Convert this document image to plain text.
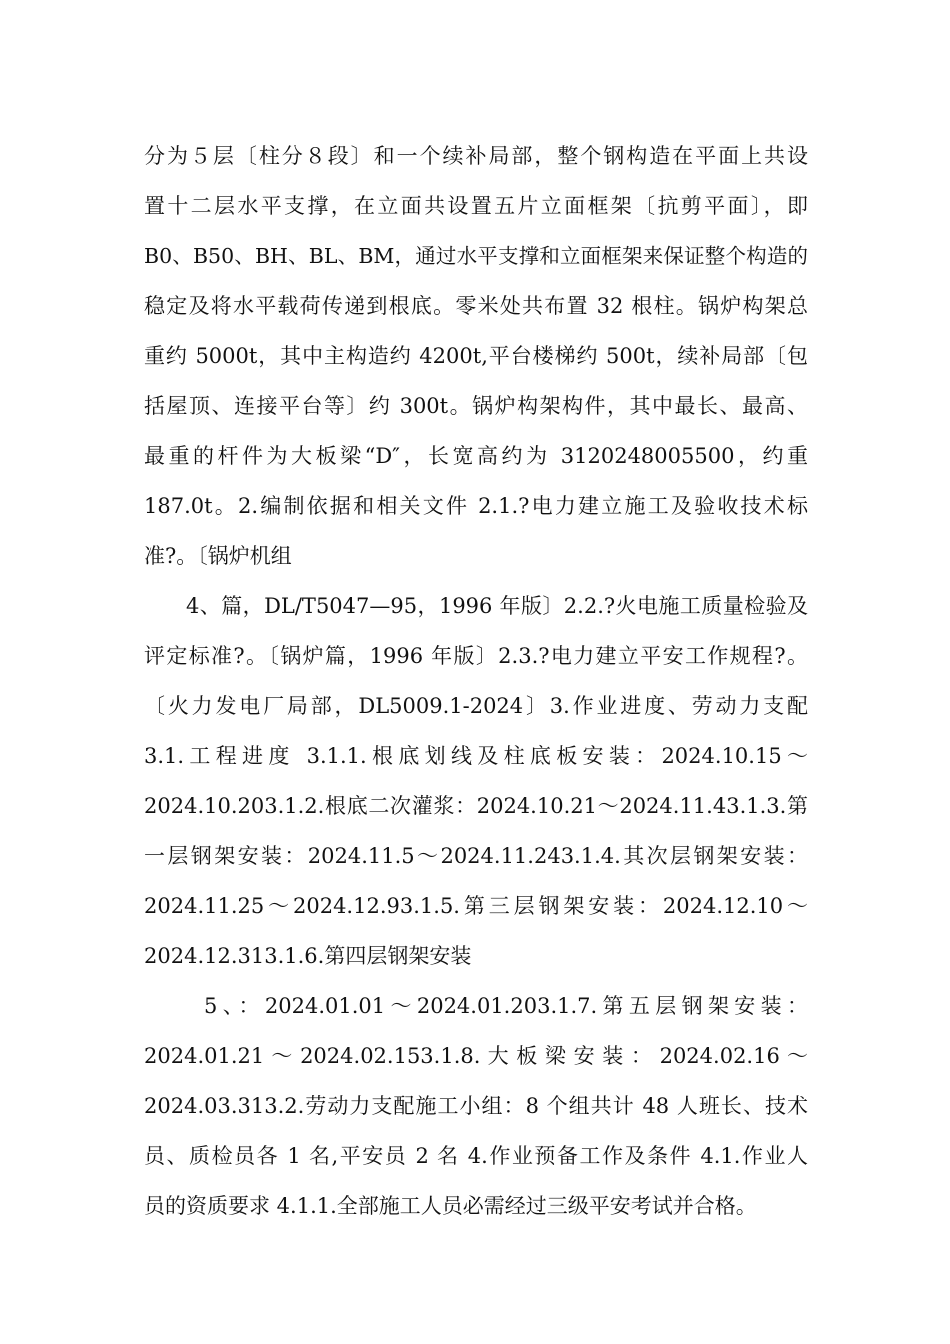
分为５层〔柱分８段〕和一个续补局部，整个钢构造在平面上共设
置十二层水平支撑，在立面共设置五片立面框架〔抗剪平面〕，即
B0、B50、BH、BL、BM，通过水平支撑和立面框架来保证整个构造的
稳定及将水平载荷传递到根底。零米处共布置 32 根柱。锅炉构架总
重约 5000t，其中主构造约 4200t,平台楼梯约 500t，续补局部〔包
括屋顶、连接平台等〕约 300t。锅炉构架构件，其中最长、最高、
最重的杆件为大板梁“D″，长宽高约为 3120248005500，约重
187.0t。2.编制依据和相关文件 2.1.?电力建立施工及验收技术标
准?。〔锅炉机组
4、篇，DL/T5047—95，1996 年版〕2.2.?火电施工质量检验及
评定标准?。〔锅炉篇，1996 年版〕2.3.?电力建立平安工作规程?。
〔火力发电厂局部，DL5009.1-2024〕3.作业进度、劳动力支配
3.1.工程进度 3.1.1.根底划线及柱底板安装：2024.10.15～
2024.10.203.1.2.根底二次灌浆：2024.10.21～2024.11.43.1.3.第
一层钢架安装：2024.11.5～2024.11.243.1.4.其次层钢架安装：
2024.11.25～2024.12.93.1.5.第三层钢架安装：2024.12.10～
2024.12.313.1.6.第四层钢架安装
5、：2024.01.01～2024.01.203.1.7.第五层钢架安装：
2024.01.21 ～ 2024.02.153.1.8. 大 板 梁 安 装 ： 2024.02.16 ～
2024.03.313.2.劳动力支配施工小组：8 个组共计 48 人班长、技术
员、质检员各 1 名,平安员 2 名 4.作业预备工作及条件 4.1.作业人
员的资质要求 4.1.1.全部施工人员必需经过三级平安考试并合格。
